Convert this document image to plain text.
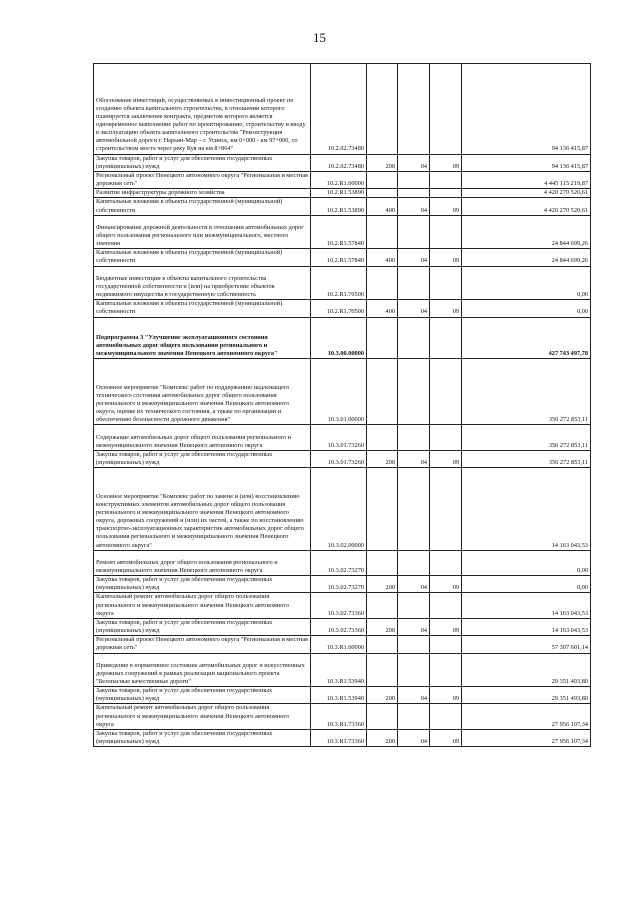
15
Обоснование инвестиций, осуществляемых в инвестиционный проект по созданию объекта капитального строительства, в отношении которого планируется заключение контракта, предметом которого является одновременное выполнение работ по проектированию, строительству и вводу в эксплуатацию объекта капитального строительства "Реконструкция автомобильной дороги г. Нарьян-Мар – г. Усинск, км 0+000 - км 97+000, со строительством моста через реку Куя на км 8+864"	10.2.02.73480				94 136 415,87
Закупка товаров, работ и услуг для обеспечения государственных (муниципальных) нужд	10.2.02.73480	200	04	09	94 136 415,87
Региональный проект Ненецкого автономного округа "Региональная и местная дорожная сеть"	10.2.R1.00000				4 445 115 219,87
Развитие инфраструктуры дорожного хозяйства	10.2.R1.53890				4 420 270 520,61
Капитальные вложения в объекты государственной (муниципальной) собственности	10.2.R1.53890	400	04	09	4 420 270 520,61
Финансирование дорожной деятельности в отношении автомобильных дорог общего пользования регионального или межмуниципального, местного значения	10.2.R1.57840				24 844 699,26
Капитальные вложения в объекты государственной (муниципальной) собственности	10.2.R1.57840	400	04	09	24 844 699,26
Бюджетные инвестиции в объекты капитального строительства государственной собственности и (или) на приобретение объектов недвижимого имущества в государственную собственность	10.2.R1.70500				0,00
Капитальные вложения в объекты государственной (муниципальной) собственности	10.2.R1.70500	400	04	09	0,00
Подпрограмма 3 "Улучшение эксплуатационного состояния автомобильных дорог общего пользования регионального и межмуниципального значения Ненецкого автономного округа"	10.3.00.00000				427 743 497,78
Основное мероприятие "Комплекс работ по поддержанию надлежащего технического состояния автомобильных дорог общего пользования регионального и межмуниципального значения Ненецкого автономного округа, оценке их технического состояния, а также по организации и обеспечению безопасности дорожного движения"	10.3.01.00000				356 272 853,11
Содержание автомобильных дорог общего пользования регионального и межмуниципального значения Ненецкого автономного округа	10.3.01.73260				356 272 853,11
Закупка товаров, работ и услуг для обеспечения государственных (муниципальных) нужд	10.3.01.73260	200	04	09	356 272 853,11
Основное мероприятие "Комплекс работ по замене и (или) восстановлению конструктивных элементов автомобильных дорог общего пользования регионального и межмуниципального значения Ненецкого автономного округа, дорожных сооружений и (или) их частей, а также по восстановлению транспортно-эксплуатационных характеристик автомобильных дорог общего пользования регионального и межмуниципального значения Ненецкого автономного округа"	10.3.02.00000				14 163 043,53
Ремонт автомобильных дорог общего пользования регионального и межмуниципального значения Ненецкого автономного округа	10.3.02.73270				0,00
Закупка товаров, работ и услуг для обеспечения государственных (муниципальных) нужд	10.3.02.73270	200	04	09	0,00
Капитальный ремонт автомобильных дорог общего пользования регионального и межмуниципального значения Ненецкого автономного округа	10.3.02.73360				14 163 043,53
Закупка товаров, работ и услуг для обеспечения государственных (муниципальных) нужд	10.3.02.73360	200	04	09	14 163 043,53
Региональный проект Ненецкого автономного округа "Региональная и местная дорожная сеть"	10.3.R1.00000				57 307 601,14
Приведение в нормативное состояние автомобильных дорог и искусственных дорожных сооружений в рамках реализации национального проекта "Безопасные качественные дороги"	10.3.R1.53940				29 351 493,80
Закупка товаров, работ и услуг для обеспечения государственных (муниципальных) нужд	10.3.R1.53940	200	04	09	29 351 493,80
Капитальный ремонт автомобильных дорог общего пользования регионального и межмуниципального значения Ненецкого автономного округа	10.3.R1.73360				27 956 107,34
Закупка товаров, работ и услуг для обеспечения государственных (муниципальных) нужд	10.3.R1.73360	200	04	09	27 956 107,34
